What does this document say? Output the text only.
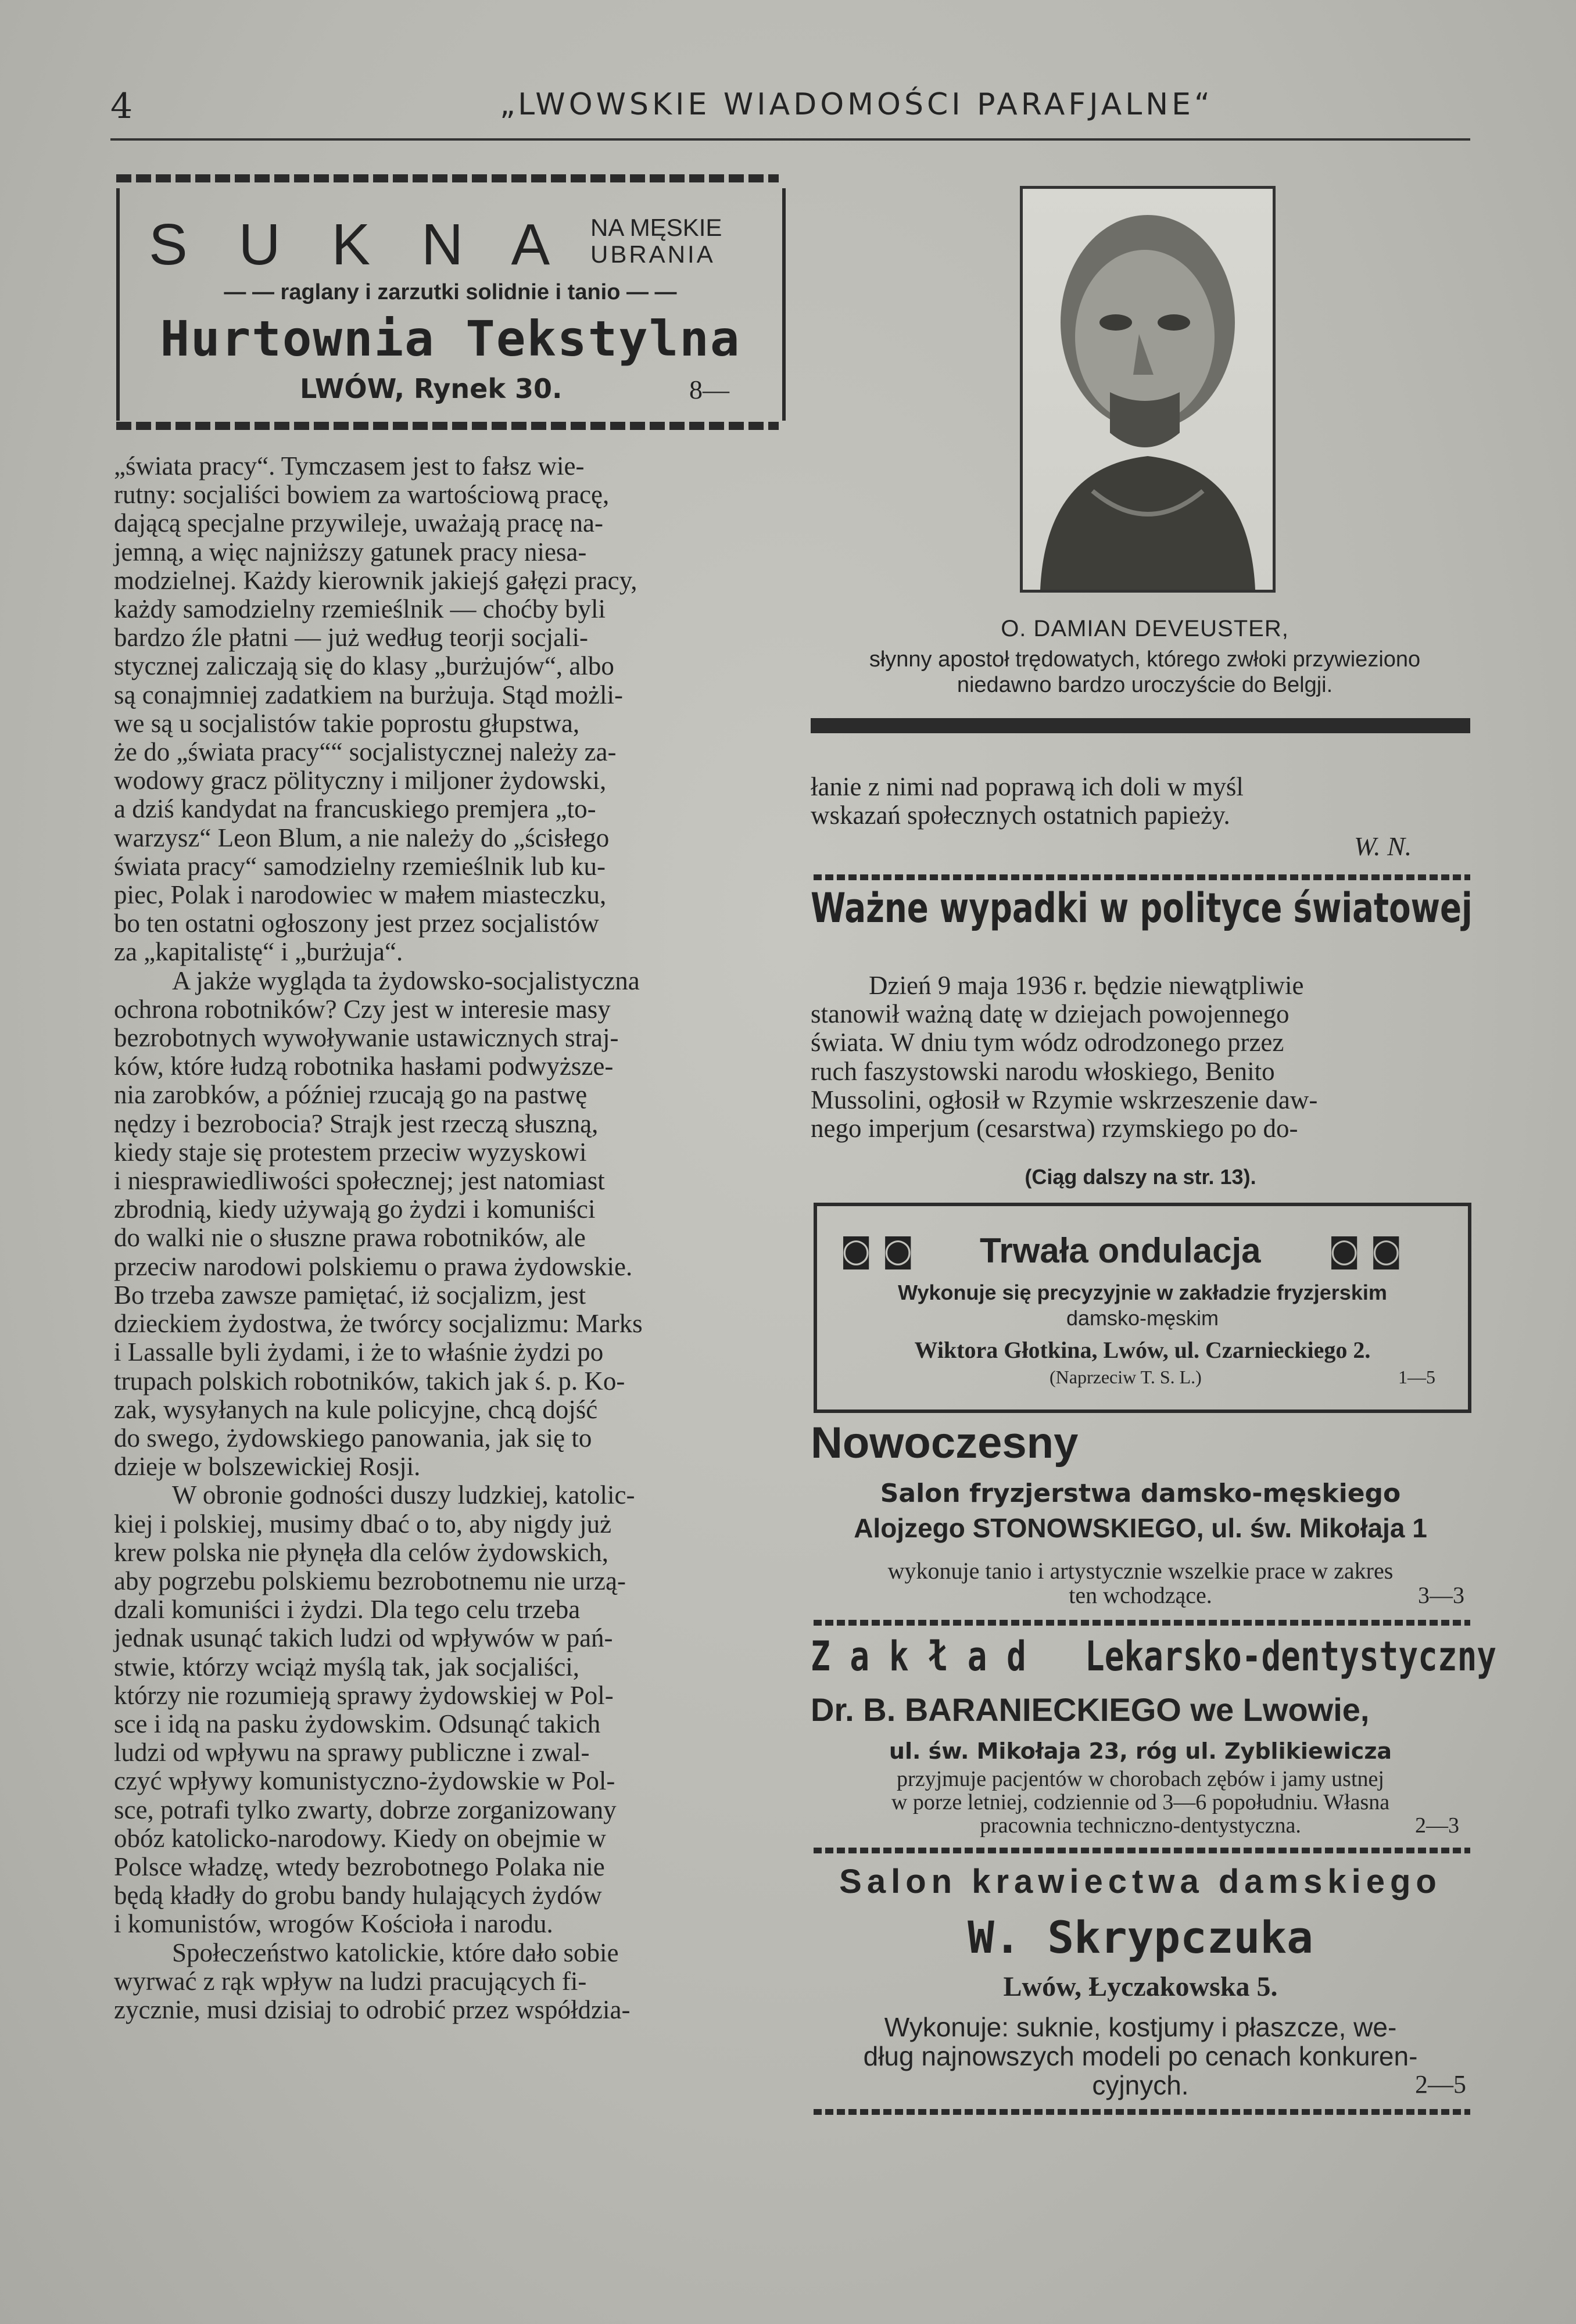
4	„LWOWSKIE WIADOMOŚCI PARAFJALNE“
S U K N A NA MĘSKIE
UBRANIA
— — raglany i zarzutki solidnie i tanio — —
Hurtownia Tekstylna
LWÓW, Rynek 30.	8—
O. DAMIAN DEVEUSTER,
słynny apostoł trędowatych, którego zwłoki przywieziono
niedawno bardzo uroczyście do Belgji.

„świata pracy“. Tymczasem jest to fałsz wie-

rutny: socjaliści bowiem za wartościową pracę,

dającą specjalne przywileje, uważają pracę na-

jemną, a więc najniższy gatunek pracy niesa-

modzielnej. Każdy kierownik jakiejś gałęzi pracy,

każdy samodzielny rzemieślnik — choćby byli

bardzo źle płatni — już według teorji socjali-

stycznej zaliczają się do klasy „burżujów“, albo

są conajmniej zadatkiem na burżuja. Stąd możli-

we są u socjalistów takie poprostu głupstwa,

że do „świata pracy““ socjalistycznej należy za-

wodowy gracz pölityczny i miljoner żydowski,

a dziś kandydat na francuskiego premjera „to-

warzysz“ Leon Blum, a nie należy do „ścisłego

świata pracy“ samodzielny rzemieślnik lub ku-

piec, Polak i narodowiec w małem miasteczku,

bo ten ostatni ogłoszony jest przez socjalistów

za „kapitalistę“ i „burżuja“.

A jakże wygląda ta żydowsko-socjalistyczna

ochrona robotników? Czy jest w interesie masy

bezrobotnych wywoływanie ustawicznych straj-

ków, które łudzą robotnika hasłami podwyższe-

nia zarobków, a później rzucają go na pastwę

nędzy i bezrobocia? Strajk jest rzeczą słuszną,

kiedy staje się protestem przeciw wyzyskowi

i niesprawiedliwości społecznej; jest natomiast

zbrodnią, kiedy używają go żydzi i komuniści

do walki nie o słuszne prawa robotników, ale

przeciw narodowi polskiemu o prawa żydowskie.

Bo trzeba zawsze pamiętać, iż socjalizm, jest

dzieckiem żydostwa, że twórcy socjalizmu: Marks

i Lassalle byli żydami, i że to właśnie żydzi po

trupach polskich robotników, takich jak ś. p. Ko-

zak, wysyłanych na kule policyjne, chcą dojść

do swego, żydowskiego panowania, jak się to

dzieje w bolszewickiej Rosji.

W obronie godności duszy ludzkiej, katolic-

kiej i polskiej, musimy dbać o to, aby nigdy już

krew polska nie płynęła dla celów żydowskich,

aby pogrzebu polskiemu bezrobotnemu nie urzą-

dzali komuniści i żydzi. Dla tego celu trzeba

jednak usunąć takich ludzi od wpływów w pań-

stwie, którzy wciąż myślą tak, jak socjaliści,

którzy nie rozumieją sprawy żydowskiej w Pol-

sce i idą na pasku żydowskim. Odsunąć takich

ludzi od wpływu na sprawy publiczne i zwal-

czyć wpływy komunistyczno-żydowskie w Pol-

sce, potrafi tylko zwarty, dobrze zorganizowany

obóz katolicko-narodowy. Kiedy on obejmie w

Polsce władzę, wtedy bezrobotnego Polaka nie

będą kładły do grobu bandy hulających żydów

i komunistów, wrogów Kościoła i narodu.

Społeczeństwo katolickie, które dało sobie

wyrwać z rąk wpływ na ludzi pracujących fi-

zycznie, musi dzisiaj to odrobić przez współdzia-

łanie z nimi nad poprawą ich doli w myśl

wskazań społecznych ostatnich papieży.

W. N.
Ważne wypadki w polityce światowej

Dzień 9 maja 1936 r. będzie niewątpliwie

stanowił ważną datę w dziejach powojennego

świata. W dniu tym wódz odrodzonego przez

ruch faszystowski narodu włoskiego, Benito

Mussolini, ogłosił w Rzymie wskrzeszenie daw-

nego imperjum (cesarstwa) rzymskiego po do-

(Ciąg dalszy na str. 13).
◙ ◙ Trwała ondulacja ◙ ◙
Wykonuje się precyzyjnie w zakładzie fryzjerskim
damsko-męskim
Wiktora Głotkina, Lwów, ul. Czarnieckiego 2.
(Naprzeciw T. S. L.)	1—5
Nowoczesny
Salon fryzjerstwa damsko-męskiego
Alojzego STONOWSKIEGO, ul. św. Mikołaja 1
wykonuje tanio i artystycznie wszelkie prace w zakres
ten wchodzące.	3—3
Z a k ł a d   Lekarsko-dentystyczny
Dr. B. BARANIECKIEGO we Lwowie,
ul. św. Mikołaja 23, róg ul. Zyblikiewicza
przyjmuje pacjentów w chorobach zębów i jamy ustnej
w porze letniej, codziennie od 3—6 popołudniu. Własna
pracownia techniczno-dentystyczna.	2—3
Salon krawiectwa damskiego
W. Skrypczuka
Lwów, Łyczakowska 5.
Wykonuje: suknie, kostjumy i płaszcze, we-
dług najnowszych modeli po cenach konkuren-
cyjnych.	2—5
